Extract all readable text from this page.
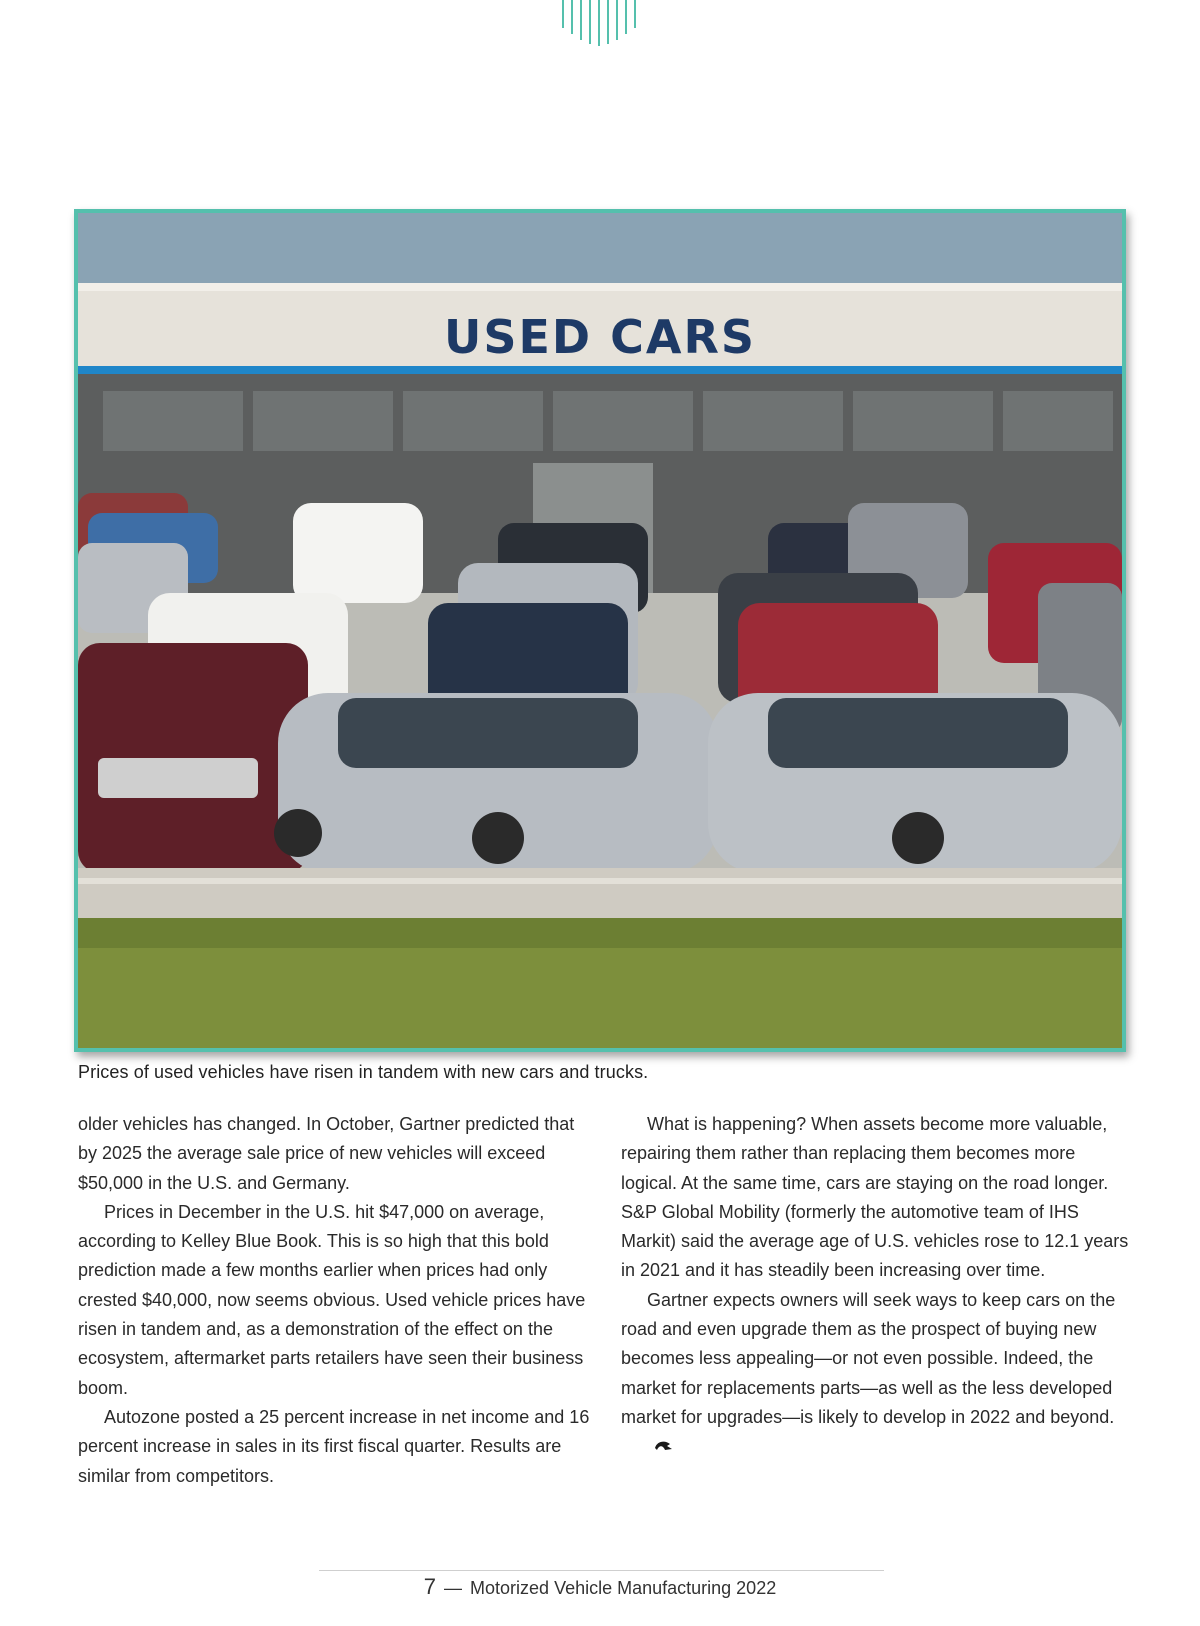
USED CARS
Prices of used vehicles have risen in tandem with new cars and trucks.

older vehicles has changed. In October, Gartner predicted that by 2025 the average sale price of new vehicles will exceed $50,000 in the U.S. and Germany.

Prices in December in the U.S. hit $47,000 on average, according to Kelley Blue Book. This is so high that this bold prediction made a few months earlier when prices had only crested $40,000, now seems obvious. Used vehicle prices have risen in tandem and, as a demonstration of the effect on the ecosystem, aftermarket parts retailers have seen their business boom.

Autozone posted a 25 percent increase in net income and 16 percent increase in sales in its first fiscal quarter. Results are similar from competitors.

What is happening? When assets become more valuable, repairing them rather than replacing them becomes more logical. At the same time, cars are staying on the road longer. S&P Global Mobility (formerly the automotive team of IHS Markit) said the average age of U.S. vehicles rose to 12.1 years in 2021 and it has steadily been increasing over time.

Gartner expects owners will seek ways to keep cars on the road and even upgrade them as the prospect of buying new becomes less appealing—or not even possible. Indeed, the market for replacements parts—as well as the less developed market for upgrades—is likely to develop in 2022 and beyond.

7 — Motorized Vehicle Manufacturing 2022
